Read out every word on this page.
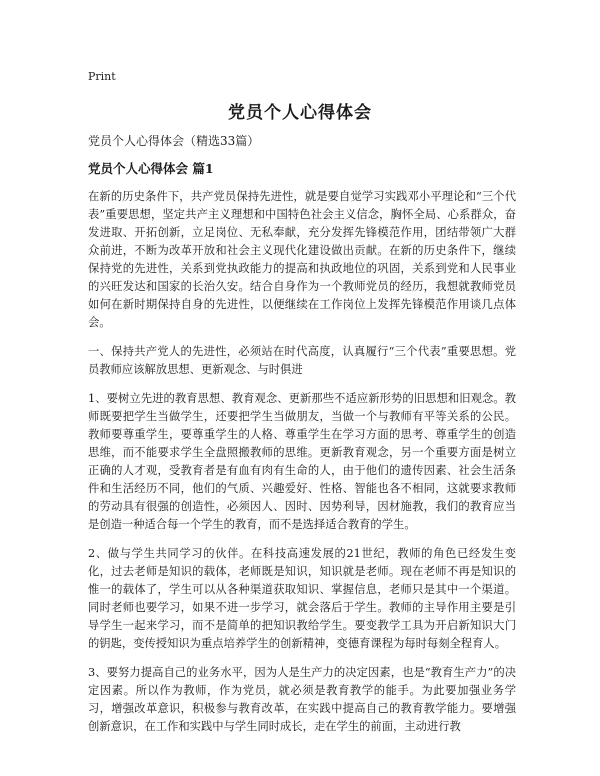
Print
党员个人心得体会

党员个人心得体会（精选33篇）

党员个人心得体会 篇1

在新的历史条件下，共产党员保持先进性，就是要自觉学习实践邓小平理论和“三个代表”重要思想，坚定共产主义理想和中国特色社会主义信念，胸怀全局、心系群众，奋发进取、开拓创新，立足岗位、无私奉献，充分发挥先锋模范作用，团结带领广大群众前进，不断为改革开放和社会主义现代化建设做出贡献。在新的历史条件下，继续保持党的先进性，关系到党执政能力的提高和执政地位的巩固，关系到党和人民事业的兴旺发达和国家的长治久安。结合自身作为一个教师党员的经历，我想就教师党员如何在新时期保持自身的先进性，以便继续在工作岗位上发挥先锋模范作用谈几点体会。

一、保持共产党人的先进性，必须站在时代高度，认真履行“三个代表”重要思想。党员教师应该解放思想、更新观念、与时俱进

1、要树立先进的教育思想、教育观念、更新那些不适应新形势的旧思想和旧观念。教师既要把学生当做学生，还要把学生当做朋友，当做一个与教师有平等关系的公民。教师要尊重学生，要尊重学生的人格、尊重学生在学习方面的思考、尊重学生的创造思维，而不能要求学生全盘照搬教师的思维。更新教育观念，另一个重要方面是树立正确的人才观，受教育者是有血有肉有生命的人，由于他们的遗传因素、社会生活条件和生活经历不同，他们的气质、兴趣爱好、性格、智能也各不相同，这就要求教师的劳动具有很强的创造性，必须因人、因时、因势利导，因材施教，我们的教育应当是创造一种适合每一个学生的教育，而不是选择适合教育的学生。

2、做与学生共同学习的伙伴。在科技高速发展的21世纪，教师的角色已经发生变化，过去老师是知识的载体，老师既是知识，知识就是老师。现在老师不再是知识的惟一的载体了，学生可以从各种渠道获取知识、掌握信息，老师只是其中一个渠道。同时老师也要学习，如果不进一步学习，就会落后于学生。教师的主导作用主要是引导学生一起来学习，而不是简单的把知识教给学生。要变教学工具为开启新知识大门的钥匙，变传授知识为重点培养学生的创新精神，变德育课程为每时每刻全程育人。

3、要努力提高自己的业务水平，因为人是生产力的决定因素，也是“教育生产力”的决定因素。所以作为教师，作为党员，就必须是教育教学的能手。为此要加强业务学习，增强改革意识，积极参与教育改革，在实践中提高自己的教育教学能力。要增强创新意识，在工作和实践中与学生同时成长，走在学生的前面，主动进行教
